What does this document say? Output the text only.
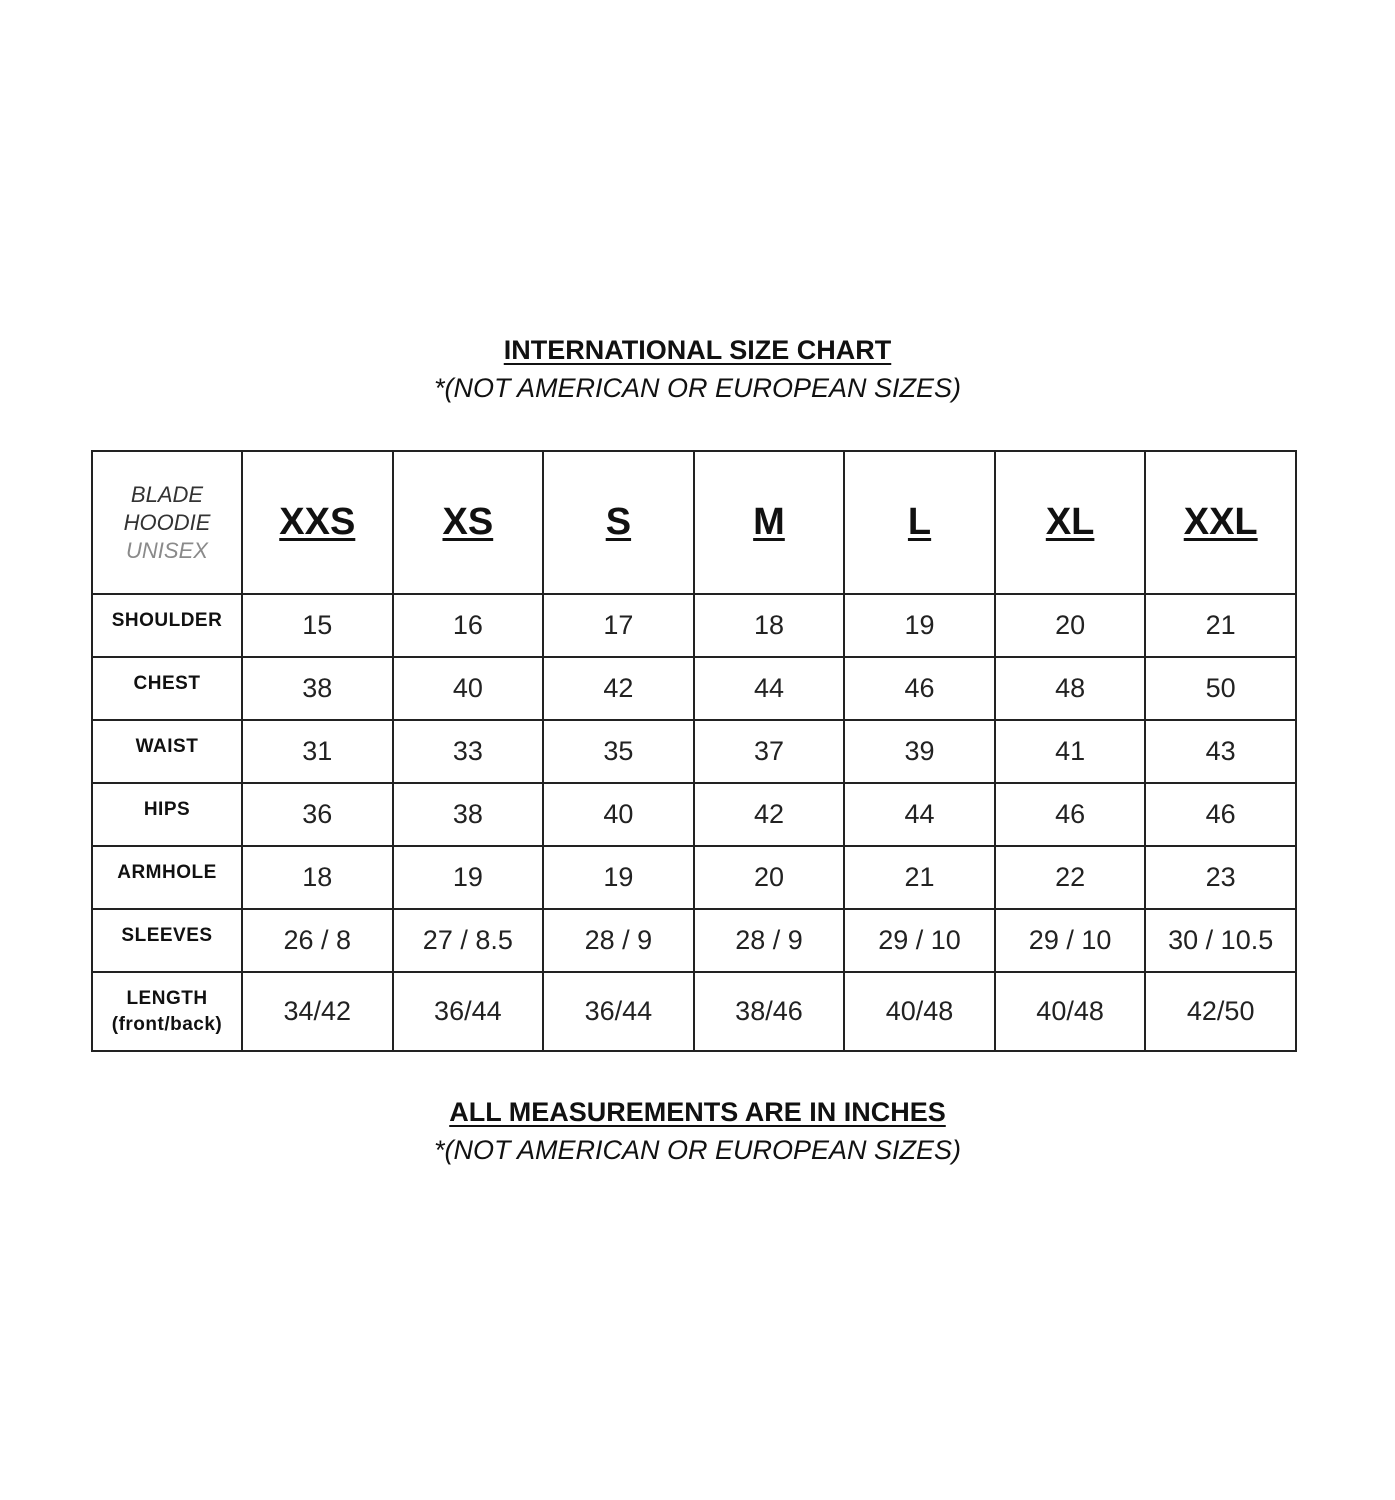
INTERNATIONAL SIZE CHART
*(NOT AMERICAN OR EUROPEAN SIZES)
BLADE
HOODIE
UNISEX	XXS	XS	S	M	L	XL	XXL
SHOULDER	15	16	17	18	19	20	21
CHEST	38	40	42	44	46	48	50
WAIST	31	33	35	37	39	41	43
HIPS	36	38	40	42	44	46	46
ARMHOLE	18	19	19	20	21	22	23
SLEEVES	26 / 8	27 / 8.5	28 / 9	28 / 9	29 / 10	29 / 10	30 / 10.5

LENGTH
(front/back)	34/42	36/44	36/44	38/46	40/48	40/48	42/50
ALL MEASUREMENTS ARE IN INCHES
*(NOT AMERICAN OR EUROPEAN SIZES)
